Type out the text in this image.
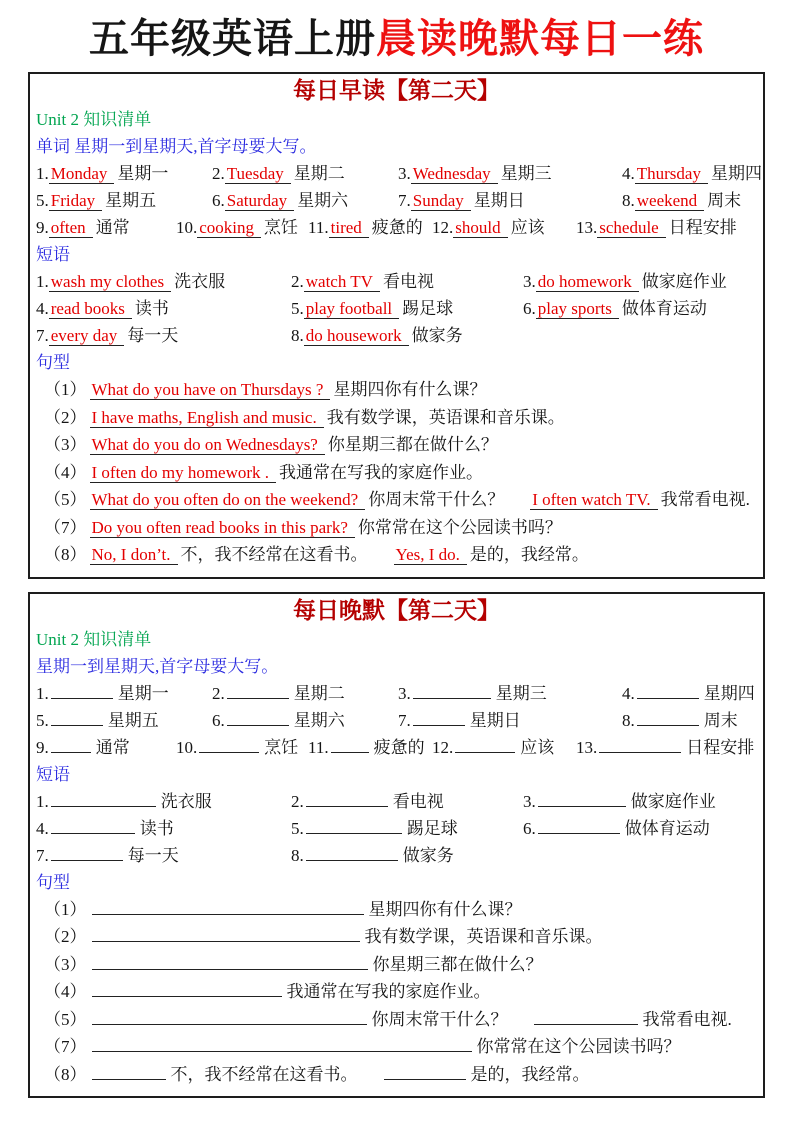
五年级英语上册晨读晚默每日一练
每日早读【第二天】
Unit 2 知识清单
单词 星期一到星期天,首字母要大写。
1. Monday 星期一	2. Tuesday 星期二	3. Wednesday 星期三	4. Thursday 星期四
5. Friday 星期五	6. Saturday 星期六	7. Sunday 星期日	8. weekend 周末
9. often 通常	10. cooking 烹饪 11. tired 疲惫的 12. should 应该 13. schedule 日程安排
短语
1. wash my clothes 洗衣服	2. watch TV 看电视	3. do homework 做家庭作业
4. read books 读书	5. play football 踢足球	6. play sports 做体育运动
7. every day 每一天	8. do housework 做家务
句型
（1） What do you have on Thursdays ? 星期四你有什么课？
（2） I have maths, English and music. 我有数学课，英语课和音乐课。
（3） What do you do on Wednesdays? 你星期三都在做什么？
（4） I often do my homework . 我通常在写我的家庭作业。
（5） What do you often do on the weekend? 你周末常干什么？ I often watch TV. 我常看电视.
（7） Do you often read books in this park? 你常常在这个公园读书吗？
（8） No, I don’t. 不，我不经常在这看书。 Yes, I do. 是的，我经常。
每日晚默【第二天】
Unit 2 知识清单
星期一到星期天,首字母要大写。
1.	星期一	2.	星期二	3.	星期三	4.	星期四
5.	星期五	6.	星期六	7.	星期日	8.	周末
9.	通常	10.	烹饪 11.	疲惫的 12.	应该 13.	日程安排
短语
1.	洗衣服	2.	看电视	3.	做家庭作业
4.	读书	5.	踢足球	6.	做体育运动
7.	每一天	8.	做家务
句型
（1）	星期四你有什么课？
（2）	我有数学课，英语课和音乐课。
（3）	你星期三都在做什么？
（4）	我通常在写我的家庭作业。
（5）	你周末常干什么？	我常看电视.
（7）	你常常在这个公园读书吗？
（8）	不，我不经常在这看书。	是的，我经常。
